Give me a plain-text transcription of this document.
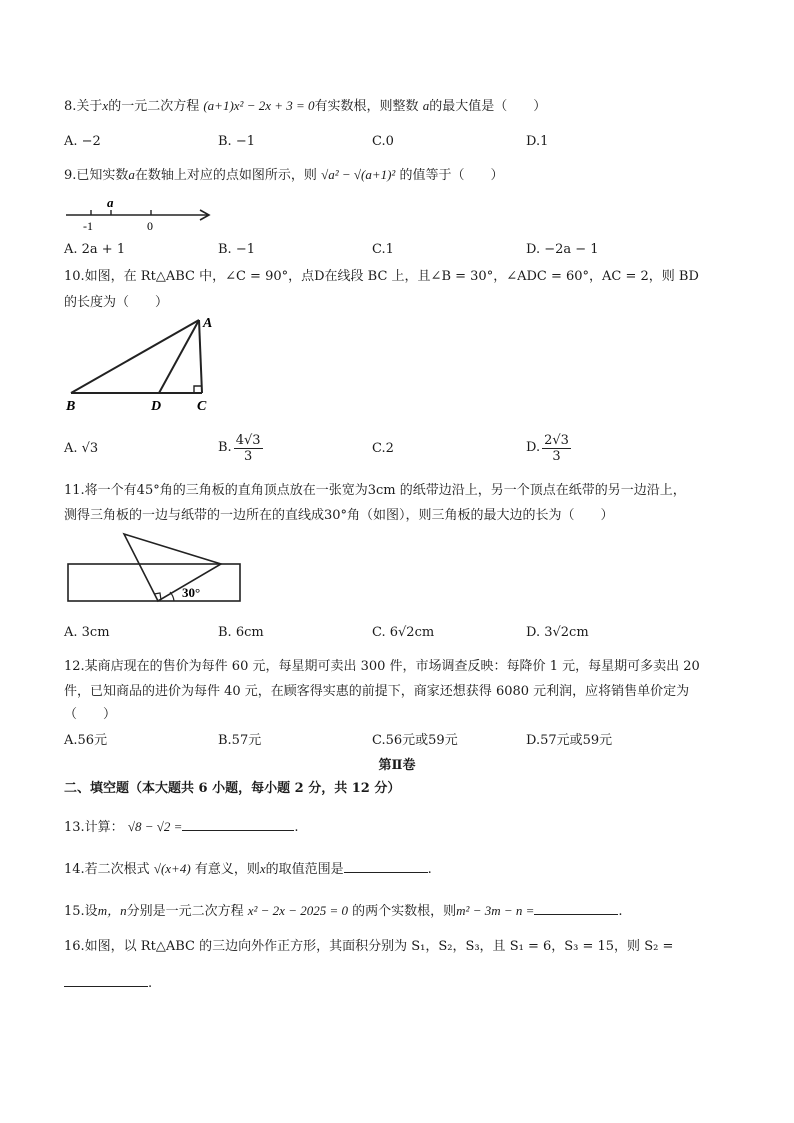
8.关于x的一元二次方程 (a+1)x² − 2x + 3 = 0有实数根，则整数 a的最大值是（　　）
A. −2	B. −1	C.0	D.1
9.已知实数a在数轴上对应的点如图所示，则 √a² − √(a+1)² 的值等于（　　）
a
-1	0
A. 2a + 1	B. −1	C.1	D. −2a − 1
10.如图，在 Rt△ABC 中，∠C = 90°，点D在线段 BC 上，且∠B = 30°，∠ADC = 60°，AC = 2，则 BD
的长度为（　　）
A
B	D	C
A. √3	B. $\frac{4√3}{3}$	C.2	D. $\frac{2√3}{3}$
11.将一个有45°角的三角板的直角顶点放在一张宽为3cm 的纸带边沿上，另一个顶点在纸带的另一边沿上，
测得三角板的一边与纸带的一边所在的直线成30°角（如图），则三角板的最大边的长为（　　）
30°
A. 3cm	B. 6cm	C. 6√2cm	D. 3√2cm
12.某商店现在的售价为每件 60 元，每星期可卖出 300 件，市场调查反映：每降价 1 元，每星期可多卖出 20
件，已知商品的进价为每件 40 元，在顾客得实惠的前提下，商家还想获得 6080 元利润，应将销售单价定为
（　　）
A.56元	B.57元	C.56元或59元	D.57元或59元
第Ⅱ卷
二、填空题（本大题共 6 小题，每小题 2 分，共 12 分）
13.计算： √8 − √2 =	.
14.若二次根式 √(x+4) 有意义，则x的取值范围是	.
15.设m，n分别是一元二次方程 x² − 2x − 2025 = 0 的两个实数根，则m² − 3m − n =	.
16.如图，以 Rt△ABC 的三边向外作正方形，其面积分别为 S₁，S₂，S₃，且 S₁ = 6，S₃ = 15，则 S₂ =
.
